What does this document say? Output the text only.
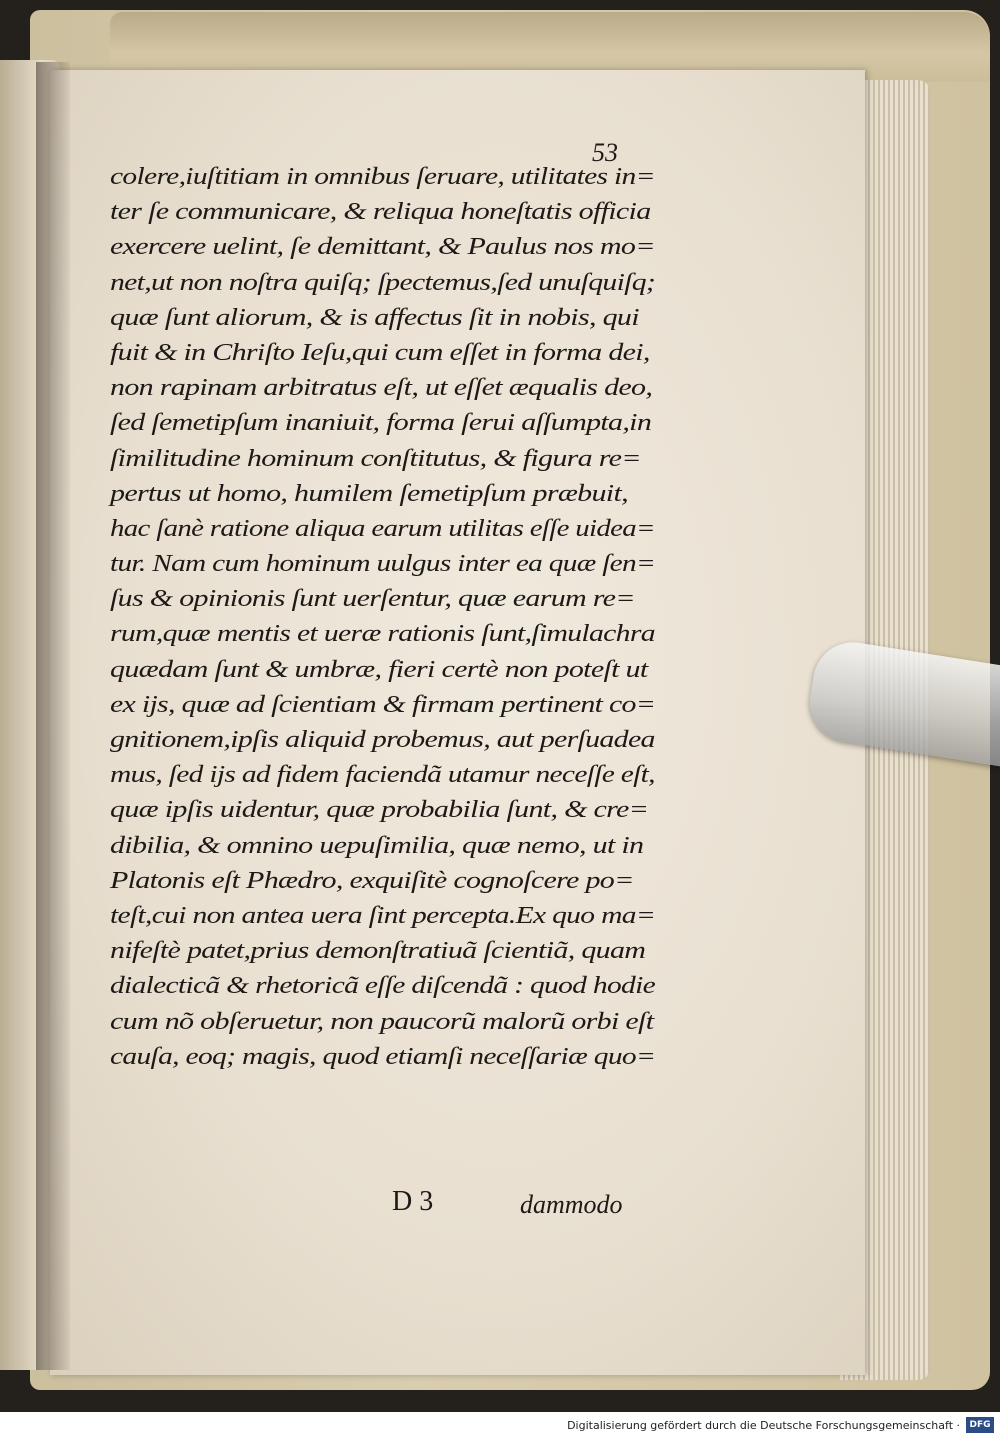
53
colere,iuſtitiam in omnibus ſeruare, utilitates in=
ter ſe communicare, & reliqua honeſtatis officia
exercere uelint, ſe demittant, & Paulus nos mo=
net,ut non noſtra quiſq; ſpectemus,ſed unuſquiſq;
quæ ſunt aliorum, & is affectus ſit in nobis, qui
fuit & in Chriſto Ieſu,qui cum eſſet in forma dei,
non rapinam arbitratus eſt, ut eſſet æqualis deo,
ſed ſemetipſum inaniuit, forma ſerui aſſumpta,in
ſimilitudine hominum conſtitutus, & figura re=
pertus ut homo, humilem ſemetipſum præbuit,
hac ſanè ratione aliqua earum utilitas eſſe uidea=
tur. Nam cum hominum uulgus inter ea quæ ſen=
ſus & opinionis ſunt uerſentur, quæ earum re=
rum,quæ mentis et ueræ rationis ſunt,ſimulachra
quædam ſunt & umbræ, fieri certè non poteſt ut
ex ijs, quæ ad ſcientiam & firmam pertinent co=
gnitionem,ipſis aliquid probemus, aut perſuadea
mus, ſed ijs ad fidem faciendã utamur neceſſe eſt,
quæ ipſis uidentur, quæ probabilia ſunt, & cre=
dibilia, & omnino uериſimilia, quæ nemo, ut in
Platonis eſt Phædro, exquiſitè cognoſcere po=
teſt,cui non antea uera ſint percepta.Ex quo ma=
nifeſtè patet,prius demonſtratiuã ſcientiã, quam
dialecticã & rhetoricã eſſe diſcendã : quod hodie
cum nõ obſeruetur, non paucorũ malorũ orbi eſt
cauſa, eoq; magis, quod etiamſi neceſſariæ quo=
D 3	dammodo
Digitalisierung gefördert durch die Deutsche Forschungsgemeinschaft ·	DFG
